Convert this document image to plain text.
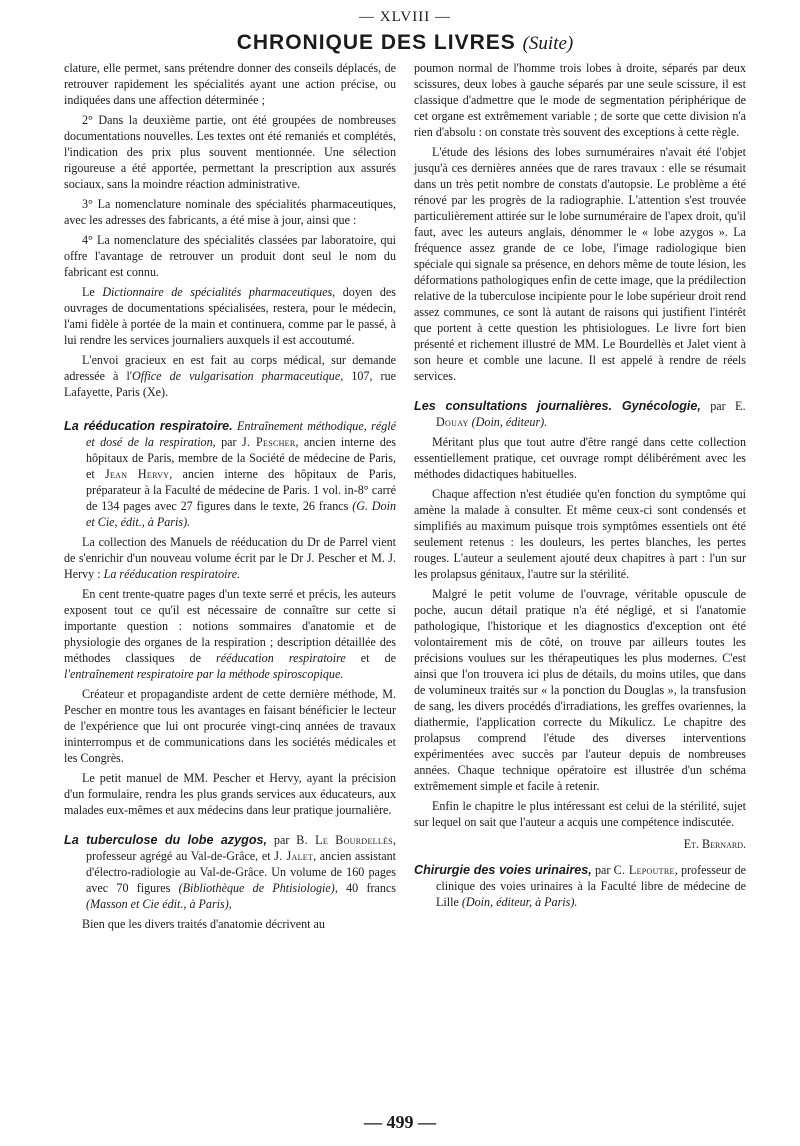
— XLVIII —
CHRONIQUE DES LIVRES (Suite)

clature, elle permet, sans prétendre donner des conseils déplacés, de retrouver rapidement les spécialités ayant une action précise, ou indiquées dans une affection déterminée ;

2° Dans la deuxième partie, ont été groupées de nombreuses documentations nouvelles. Les textes ont été remaniés et complétés, l'indication des prix plus souvent mentionnée. Une sélection rigoureuse a été apportée, permettant la prescription aux assurés sociaux, sans la moindre réaction administrative.

3° La nomenclature nominale des spécialités pharmaceutiques, avec les adresses des fabricants, a été mise à jour, ainsi que :

4° La nomenclature des spécialités classées par laboratoire, qui offre l'avantage de retrouver un produit dont seul le nom du fabricant est connu.

Le Dictionnaire de spécialités pharmaceutiques, doyen des ouvrages de documentations spécialisées, restera, pour le médecin, l'ami fidèle à portée de la main et continuera, comme par le passé, à lui rendre les services journaliers auxquels il est accoutumé.

L'envoi gracieux en est fait au corps médical, sur demande adressée à l'Office de vulgarisation pharmaceutique, 107, rue Lafayette, Paris (Xe).

La rééducation respiratoire. Entraînement méthodique, réglé et dosé de la respiration, par J. Pescher, ancien interne des hôpitaux de Paris, membre de la Société de médecine de Paris, et Jean Hervy, ancien interne des hôpitaux de Paris, préparateur à la Faculté de médecine de Paris. 1 vol. in-8° carré de 134 pages avec 27 figures dans le texte, 26 francs (G. Doin et Cie, édit., à Paris).

La collection des Manuels de rééducation du Dr de Parrel vient de s'enrichir d'un nouveau volume écrit par le Dr J. Pescher et M. J. Hervy : La rééducation respiratoire.

En cent trente-quatre pages d'un texte serré et précis, les auteurs exposent tout ce qu'il est nécessaire de connaître sur cette si importante question : notions sommaires d'anatomie et de physiologie des organes de la respiration ; description détaillée des méthodes classiques de rééducation respiratoire et de l'entraînement respiratoire par la méthode spiroscopique.

Créateur et propagandiste ardent de cette dernière méthode, M. Pescher en montre tous les avantages en faisant bénéficier le lecteur de l'expérience que lui ont procurée vingt-cinq années de travaux ininterrompus et de communications dans les sociétés médicales et les Congrès.

Le petit manuel de MM. Pescher et Hervy, ayant la précision d'un formulaire, rendra les plus grands services aux éducateurs, aux malades eux-mêmes et aux médecins dans leur pratique journalière.

La tuberculose du lobe azygos, par B. Le Bourdellès, professeur agrégé au Val-de-Grâce, et J. Jalet, ancien assistant d'électro-radiologie au Val-de-Grâce. Un volume de 160 pages avec 70 figures (Bibliothèque de Phtisiologie), 40 francs (Masson et Cie édit., à Paris),

Bien que les divers traités d'anatomie décrivent au

poumon normal de l'homme trois lobes à droite, séparés par deux scissures, deux lobes à gauche séparés par une seule scissure, il est classique d'admettre que le mode de segmentation périphérique de cet organe est extrêmement variable ; de sorte que cette division n'a rien d'absolu : on constate très souvent des exceptions à cette règle.

L'étude des lésions des lobes surnuméraires n'avait été l'objet jusqu'à ces dernières années que de rares travaux : elle se résumait dans un très petit nombre de constats d'autopsie. Le problème a été rénové par les progrès de la radiographie. L'attention s'est trouvée particulièrement attirée sur le lobe surnuméraire de l'apex droit, qu'il faut, avec les auteurs anglais, dénommer le « lobe azygos ». La fréquence assez grande de ce lobe, l'image radiologique bien spéciale qui signale sa présence, en dehors même de toute lésion, les déformations pathologiques enfin de cette image, que la prédilection relative de la tuberculose incipiente pour le lobe supérieur droit rend assez communes, ce sont là autant de raisons qui justifient l'intérêt que portent à cette question les phtisiologues. Le livre fort bien présenté et richement illustré de MM. Le Bourdellès et Jalet vient à son heure et comble une lacune. Il est appelé à rendre de réels services.

Les consultations journalières. Gynécologie, par E. Douay (Doin, éditeur).

Méritant plus que tout autre d'être rangé dans cette collection essentiellement pratique, cet ouvrage rompt délibérément avec les méthodes didactiques habituelles.

Chaque affection n'est étudiée qu'en fonction du symptôme qui amène la malade à consulter. Et même ceux-ci sont condensés et simplifiés au maximum puisque trois symptômes essentiels ont été seulement retenus : les douleurs, les pertes blanches, les pertes rouges. L'auteur a seulement ajouté deux chapitres à part : l'un sur les prolapsus génitaux, l'autre sur la stérilité.

Malgré le petit volume de l'ouvrage, véritable opuscule de poche, aucun détail pratique n'a été négligé, et si l'anatomie pathologique, l'historique et les diagnostics d'exception ont été volontairement mis de côté, on trouve par ailleurs toutes les précisions voulues sur les thérapeutiques les plus modernes. C'est ainsi que l'on trouvera ici plus de détails, du moins utiles, que dans de volumineux traités sur « la ponction du Douglas », la transfusion de sang, les divers procédés d'irradiations, les greffes ovariennes, la diathermie, l'application correcte du Mikulicz. Le chapitre des prolapsus comprend l'étude des diverses interventions expérimentées avec succès par l'auteur depuis de nombreuses années. Chaque technique opératoire est illustrée d'un schéma extrêmement simple et facile à retenir.

Enfin le chapitre le plus intéressant est celui de la stérilité, sujet sur lequel on sait que l'auteur a acquis une compétence indiscutée.

Et. Bernard.

Chirurgie des voies urinaires, par C. Lepoutre, professeur de clinique des voies urinaires à la Faculté libre de médecine de Lille (Doin, éditeur, à Paris).

— 499 —
